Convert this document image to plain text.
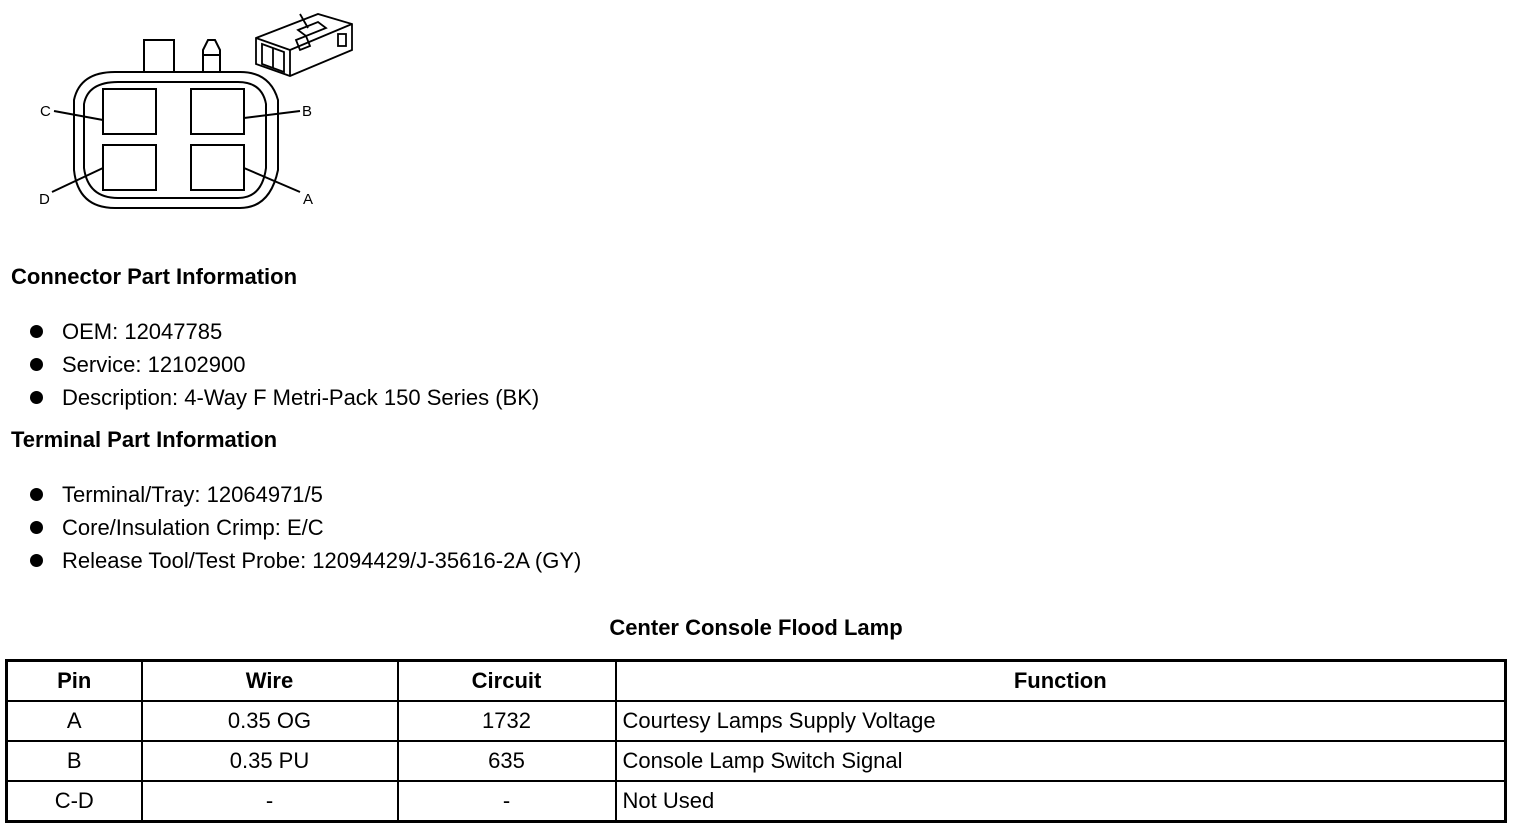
C	B
D	A
Connector Part Information
OEM: 12047785
Service: 12102900
Description: 4-Way F Metri-Pack 150 Series (BK)
Terminal Part Information
Terminal/Tray: 12064971/5
Core/Insulation Crimp: E/C
Release Tool/Test Probe: 12094429/J-35616-2A (GY)
Center Console Flood Lamp
Pin	Wire	Circuit	Function
A	0.35 OG	1732	Courtesy Lamps Supply Voltage
B	0.35 PU	635	Console Lamp Switch Signal
C-D	-	-	Not Used
